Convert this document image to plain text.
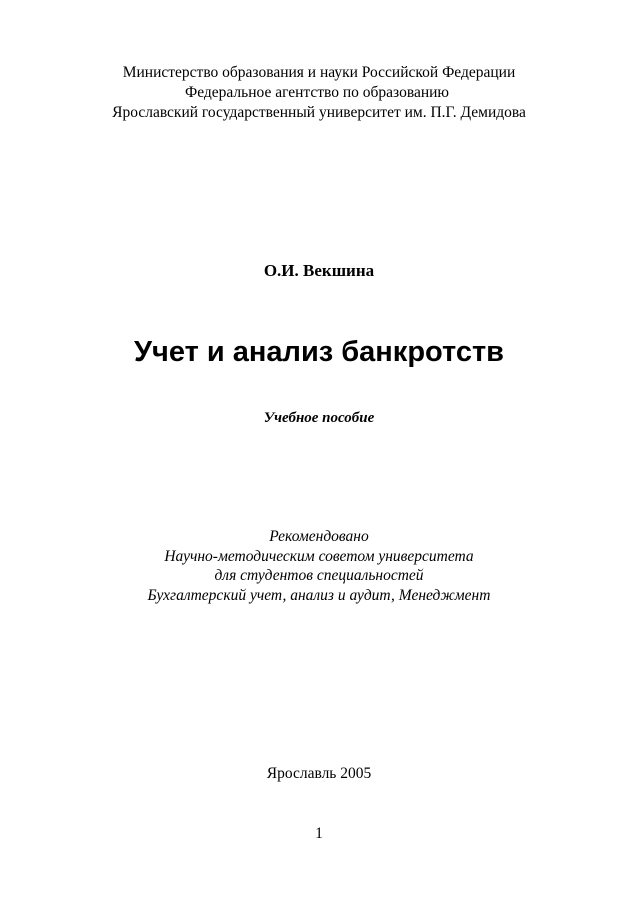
Министерство образования и науки Российской Федерации
Федеральное агентство по образованию
Ярославский государственный университет им. П.Г. Демидова
О.И. Векшина
Учет и анализ банкротств
Учебное пособие
Рекомендовано
Научно-методическим советом университета
для студентов специальностей
Бухгалтерский учет, анализ и аудит, Менеджмент
Ярославль 2005
1
